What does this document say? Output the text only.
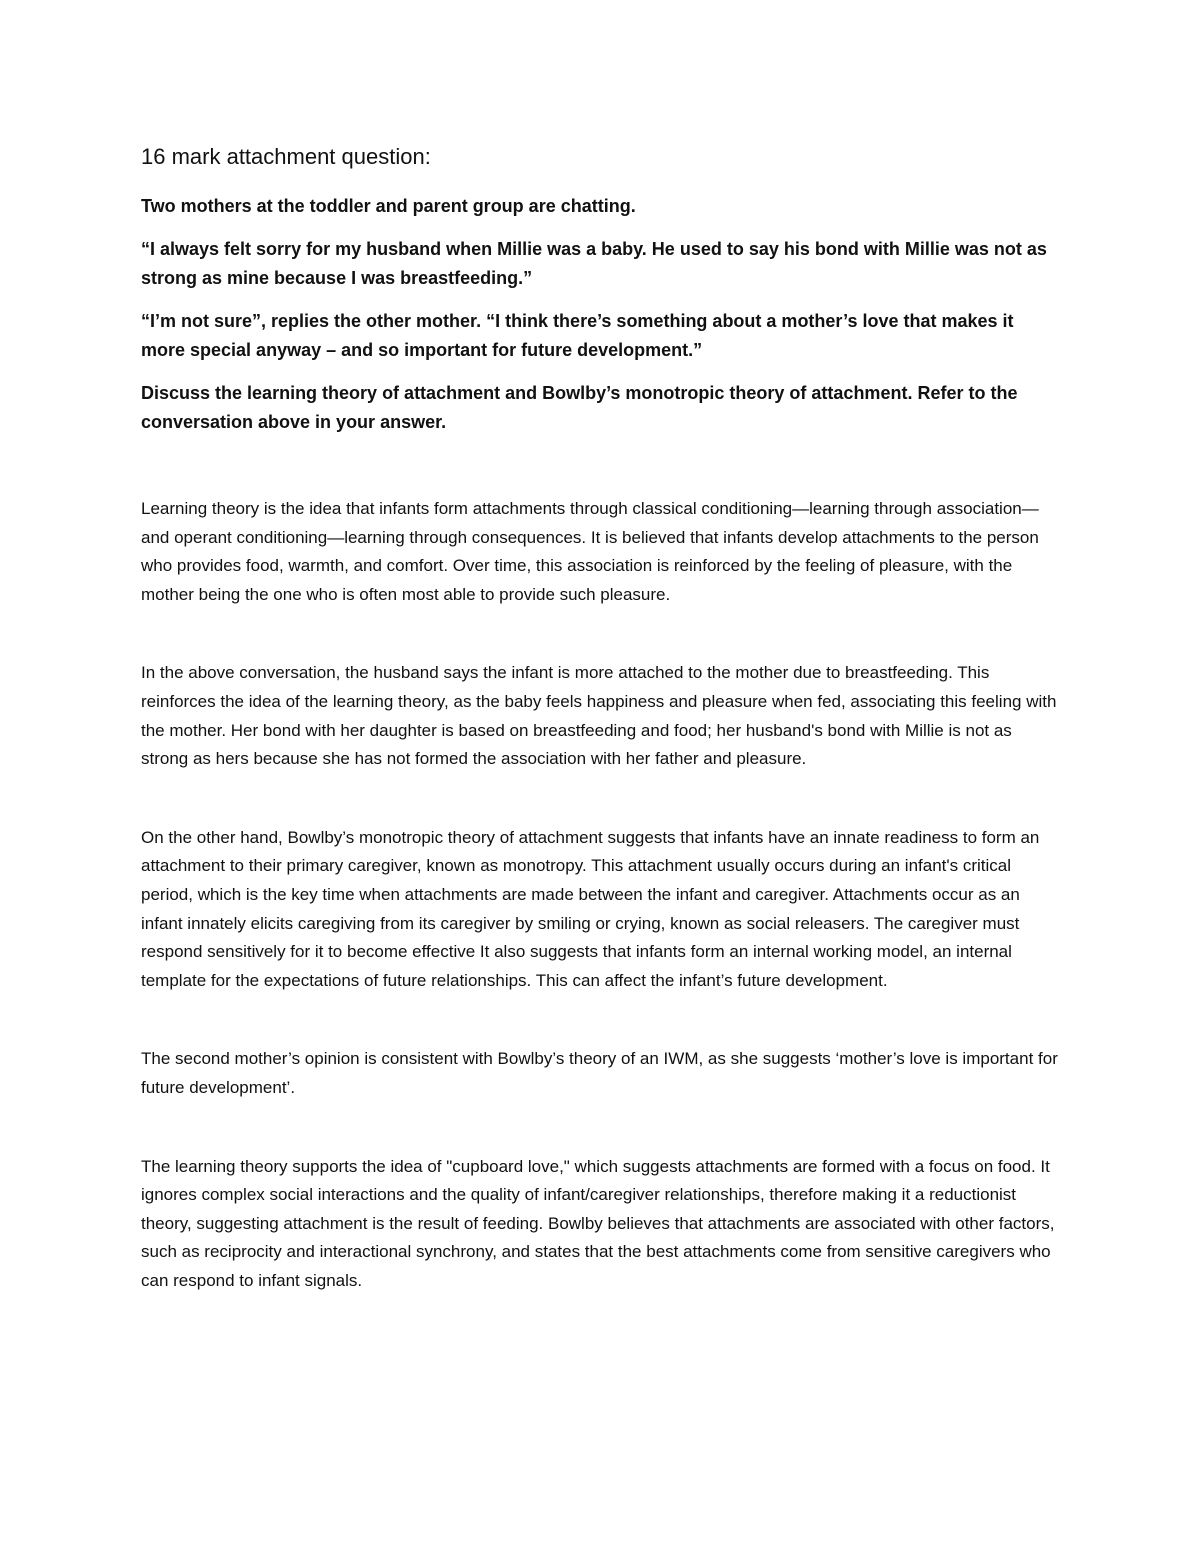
16 mark attachment question:

Two mothers at the toddler and parent group are chatting.

“I always felt sorry for my husband when Millie was a baby. He used to say his bond with Millie was not as strong as mine because I was breastfeeding.”

“I’m not sure”, replies the other mother. “I think there’s something about a mother’s love that makes it more special anyway – and so important for future development.”

Discuss the learning theory of attachment and Bowlby’s monotropic theory of attachment. Refer to the conversation above in your answer.

Learning theory is the idea that infants form attachments through classical conditioning—learning through association—and operant conditioning—learning through consequences. It is believed that infants develop attachments to the person who provides food, warmth, and comfort. Over time, this association is reinforced by the feeling of pleasure, with the mother being the one who is often most able to provide such pleasure.

In the above conversation, the husband says the infant is more attached to the mother due to breastfeeding. This reinforces the idea of the learning theory, as the baby feels happiness and pleasure when fed, associating this feeling with the mother. Her bond with her daughter is based on breastfeeding and food; her husband's bond with Millie is not as strong as hers because she has not formed the association with her father and pleasure.

On the other hand, Bowlby’s monotropic theory of attachment suggests that infants have an innate readiness to form an attachment to their primary caregiver, known as monotropy. This attachment usually occurs during an infant's critical period, which is the key time when attachments are made between the infant and caregiver. Attachments occur as an infant innately elicits caregiving from its caregiver by smiling or crying, known as social releasers. The caregiver must respond sensitively for it to become effective It also suggests that infants form an internal working model, an internal template for the expectations of future relationships. This can affect the infant’s future development.

The second mother’s opinion is consistent with Bowlby’s theory of an IWM, as she suggests ‘mother’s love is important for future development’.

The learning theory supports the idea of "cupboard love," which suggests attachments are formed with a focus on food. It ignores complex social interactions and the quality of infant/caregiver relationships, therefore making it a reductionist theory, suggesting attachment is the result of feeding. Bowlby believes that attachments are associated with other factors, such as reciprocity and interactional synchrony, and states that the best attachments come from sensitive caregivers who can respond to infant signals.
